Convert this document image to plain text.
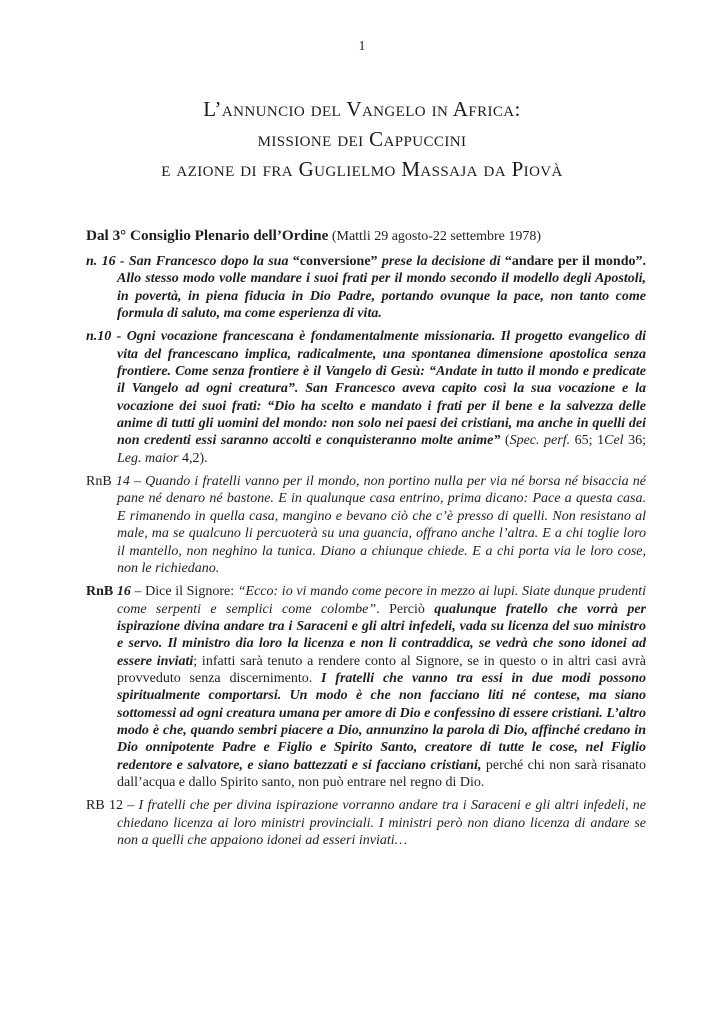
1
L’annuncio del Vangelo in Africa:
missione dei Cappuccini
e azione di fra Guglielmo Massaja da Piovà
Dal 3° Consiglio Plenario dell’Ordine (Mattli 29 agosto-22 settembre 1978)
n. 16 - San Francesco dopo la sua “conversione” prese la decisione di “andare per il mondo”. Allo stesso modo volle mandare i suoi frati per il mondo secondo il modello degli Apostoli, in povertà, in piena fiducia in Dio Padre, portando ovunque la pace, non tanto come formula di saluto, ma come esperienza di vita.
n.10 - Ogni vocazione francescana è fondamentalmente missionaria. Il progetto evangelico di vita del francescano implica, radicalmente, una spontanea dimensione apostolica senza frontiere. Come senza frontiere è il Vangelo di Gesù: “Andate in tutto il mondo e predicate il Vangelo ad ogni creatura”. San Francesco aveva capito così la sua vocazione e la vocazione dei suoi frati: “Dio ha scelto e mandato i frati per il bene e la salvezza delle anime di tutti gli uomini del mondo: non solo nei paesi dei cristiani, ma anche in quelli dei non credenti essi saranno accolti e conquisteranno molte anime” (Spec. perf. 65; 1Cel 36; Leg. maior 4,2).
RnB 14 – Quando i fratelli vanno per il mondo, non portino nulla per via né borsa né bisaccia né pane né denaro né bastone. E in qualunque casa entrino, prima dicano: Pace a questa casa. E rimanendo in quella casa, mangino e bevano ciò che c’è presso di quelli. Non resistano al male, ma se qualcuno li percuoterà su una guancia, offrano anche l’altra. E a chi toglie loro il mantello, non neghino la tunica. Diano a chiunque chiede. E a chi porta via le loro cose, non le richiedano.
RnB 16 – Dice il Signore: “Ecco: io vi mando come pecore in mezzo ai lupi. Siate dunque prudenti come serpenti e semplici come colombe”. Perciò qualunque fratello che vorrà per ispirazione divina andare tra i Saraceni e gli altri infedeli, vada su licenza del suo ministro e servo. Il ministro dia loro la licenza e non li contraddica, se vedrà che sono idonei ad essere inviati; infatti sarà tenuto a rendere conto al Signore, se in questo o in altri casi avrà provveduto senza discernimento. I fratelli che vanno tra essi in due modi possono spiritualmente comportarsi. Un modo è che non facciano liti né contese, ma siano sottomessi ad ogni creatura umana per amore di Dio e confessino di essere cristiani. L’altro modo è che, quando sembri piacere a Dio, annunzino la parola di Dio, affinché credano in Dio onnipotente Padre e Figlio e Spirito Santo, creatore di tutte le cose, nel Figlio redentore e salvatore, e siano battezzati e si facciano cristiani, perché chi non sarà risanato dall’acqua e dallo Spirito santo, non può entrare nel regno di Dio.
RB 12 – I fratelli che per divina ispirazione vorranno andare tra i Saraceni e gli altri infedeli, ne chiedano licenza ai loro ministri provinciali. I ministri però non diano licenza di andare se non a quelli che appaiono idonei ad esseri inviati…
